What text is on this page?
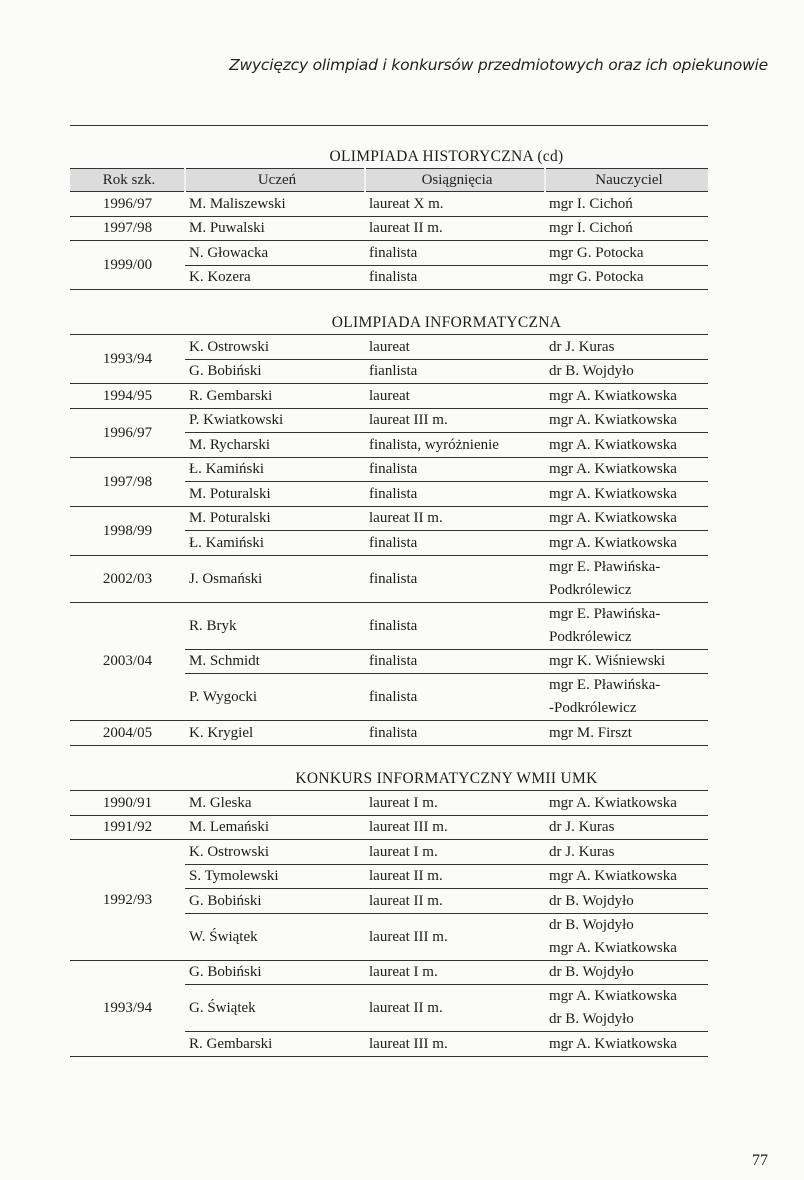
Zwycięzcy olimpiad i konkursów przedmiotowych oraz ich opiekunowie
OLIMPIADA HISTORYCZNA (cd)
Rok szk.	Uczeń	Osiągnięcia	Nauczyciel
1996/97	M. Maliszewski	laureat X m.	mgr I. Cichoń
1997/98	M. Puwalski	laureat II m.	mgr I. Cichoń
1999/00	N. Głowacka	finalista	mgr G. Potocka
	K. Kozera	finalista	mgr G. Potocka
OLIMPIADA INFORMATYCZNA
1993/94	K. Ostrowski	laureat	dr J. Kuras
	G. Bobiński	fianlista	dr B. Wojdyło
1994/95	R. Gembarski	laureat	mgr A. Kwiatkowska
1996/97	P. Kwiatkowski	laureat III m.	mgr A. Kwiatkowska
	M. Rycharski	finalista, wyróżnienie	mgr A. Kwiatkowska
1997/98	Ł. Kamiński	finalista	mgr A. Kwiatkowska
	M. Poturalski	finalista	mgr A. Kwiatkowska
1998/99	M. Poturalski	laureat II m.	mgr A. Kwiatkowska
	Ł. Kamiński	finalista	mgr A. Kwiatkowska
2002/03	J. Osmański	finalista	mgr E. Pławińska-
Podkrólewicz
2003/04	R. Bryk	finalista	mgr E. Pławińska-
Podkrólewicz
	M. Schmidt	finalista	mgr K. Wiśniewski
	P. Wygocki	finalista	mgr E. Pławińska-
-Podkrólewicz
2004/05	K. Krygiel	finalista	mgr M. Firszt
KONKURS INFORMATYCZNY WMII UMK
1990/91	M. Gleska	laureat I m.	mgr A. Kwiatkowska
1991/92	M. Lemański	laureat III m.	dr J. Kuras
1992/93	K. Ostrowski	laureat I m.	dr J. Kuras
	S. Tymolewski	laureat II m.	mgr A. Kwiatkowska
	G. Bobiński	laureat II m.	dr B. Wojdyło
	W. Świątek	laureat III m.	dr B. Wojdyło
mgr A. Kwiatkowska
1993/94	G. Bobiński	laureat I m.	dr B. Wojdyło
	G. Świątek	laureat II m.	mgr A. Kwiatkowska
dr B. Wojdyło
	R. Gembarski	laureat III m.	mgr A. Kwiatkowska
77
